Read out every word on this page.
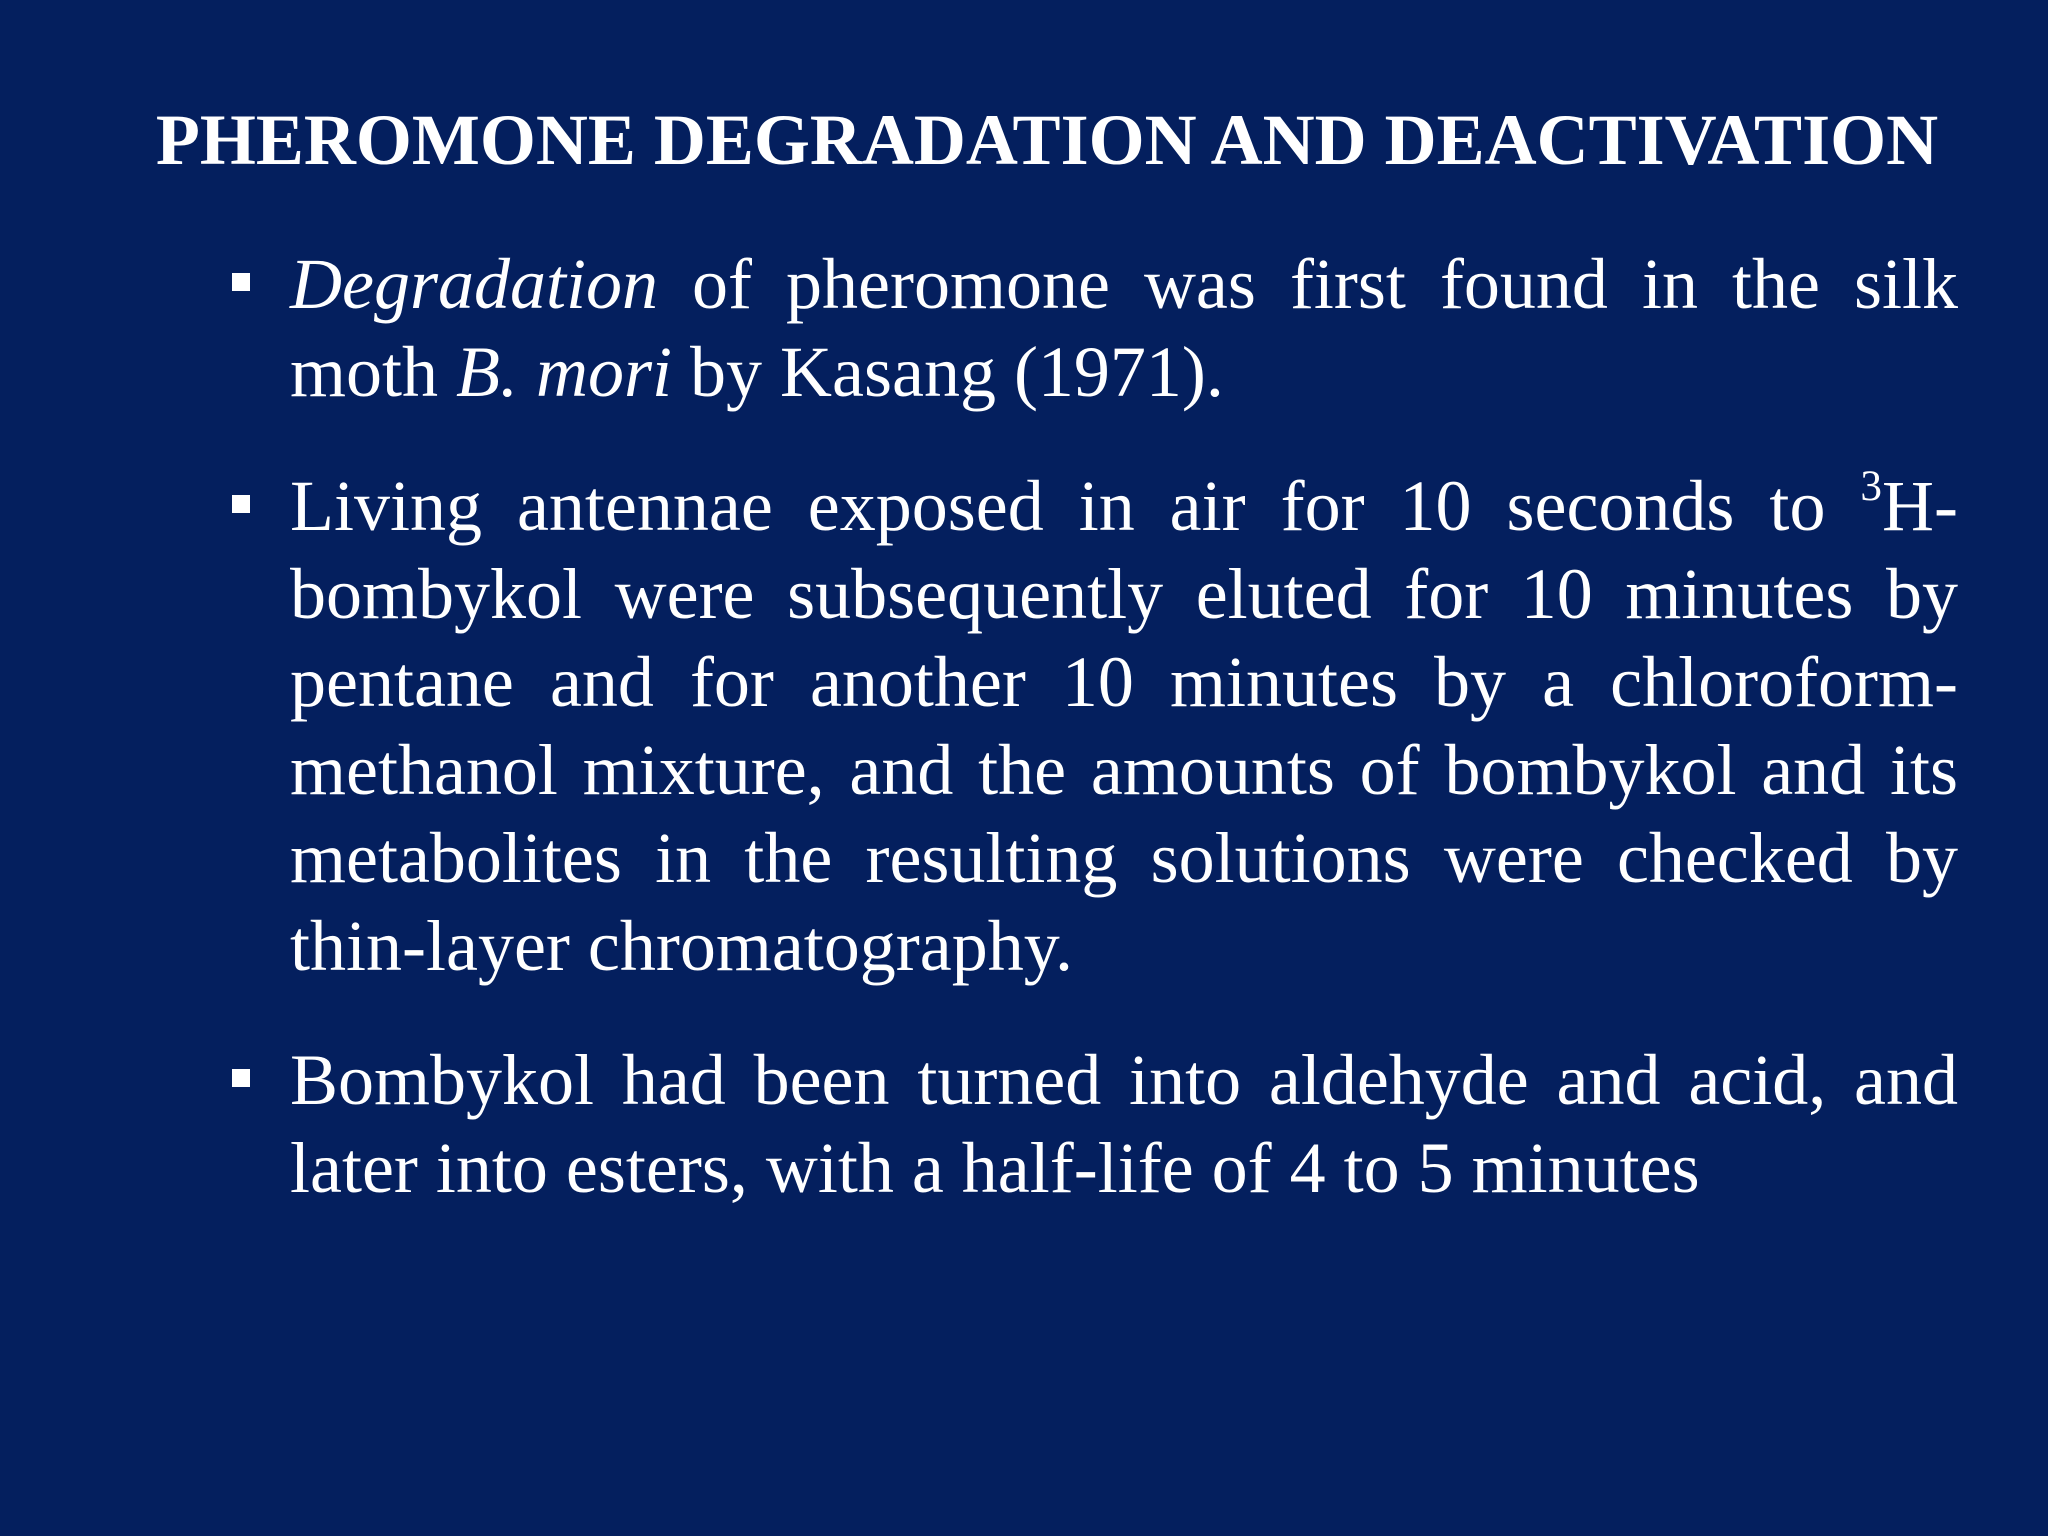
PHEROMONE DEGRADATION AND DEACTIVATION
Degradation of pheromone was first found in the silk moth B. mori by Kasang (1971).
Living antennae exposed in air for 10 seconds to $^3$H-bombykol were subsequently eluted for 10 minutes by pentane and for another 10 minutes by a chloroform-methanol mixture, and the amounts of bombykol and its metabolites in the resulting solutions were checked by thin-layer chromatography.
Bombykol had been turned into aldehyde and acid, and later into esters, with a half-life of 4 to 5 minutes
